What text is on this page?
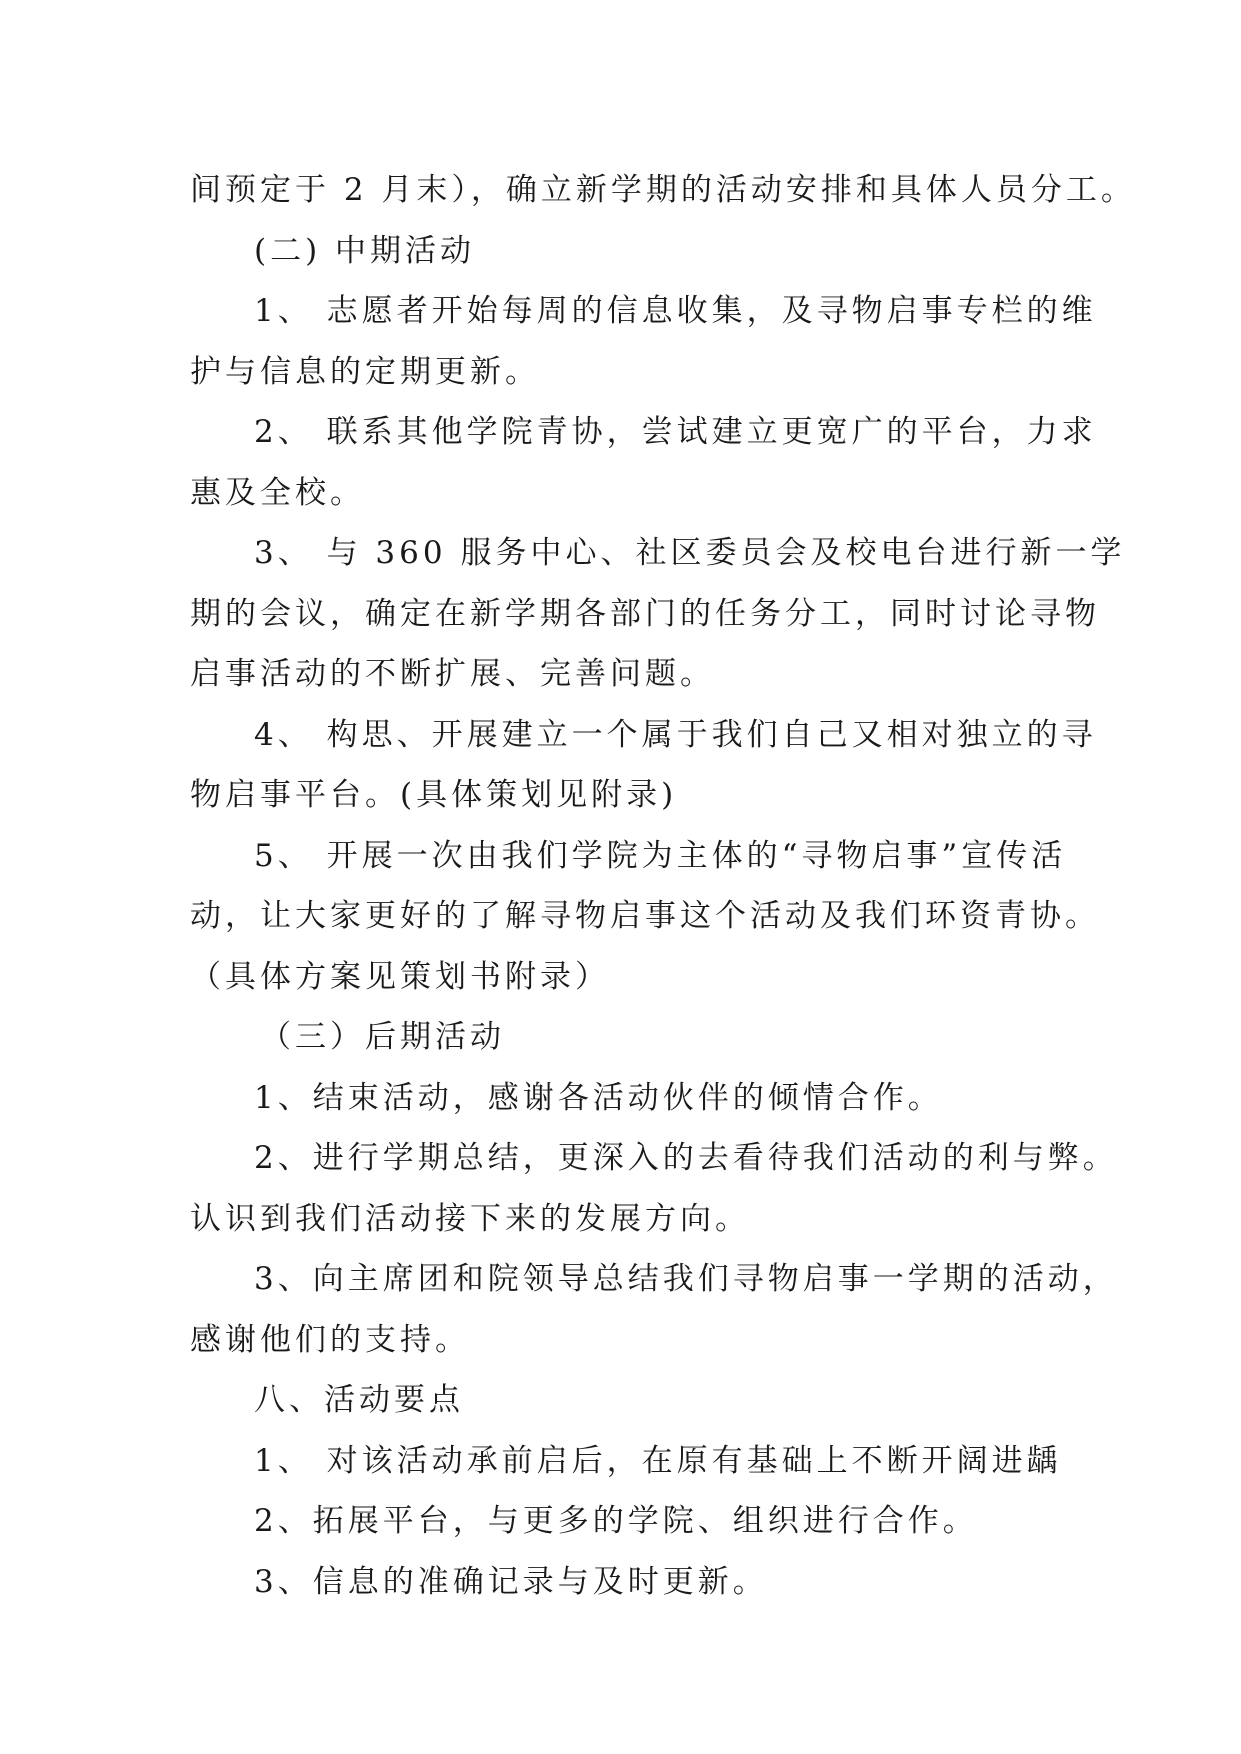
间预定于 2 月末），确立新学期的活动安排和具体人员分工。
(二) 中期活动
1、 志愿者开始每周的信息收集，及寻物启事专栏的维
护与信息的定期更新。
2、 联系其他学院青协，尝试建立更宽广的平台，力求
惠及全校。
3、 与 360 服务中心、社区委员会及校电台进行新一学
期的会议，确定在新学期各部门的任务分工，同时讨论寻物
启事活动的不断扩展、完善问题。
4、 构思、开展建立一个属于我们自己又相对独立的寻
物启事平台。(具体策划见附录)
5、 开展一次由我们学院为主体的“寻物启事”宣传活
动，让大家更好的了解寻物启事这个活动及我们环资青协。
（具体方案见策划书附录）
（三）后期活动
1、结束活动，感谢各活动伙伴的倾情合作。
2、进行学期总结，更深入的去看待我们活动的利与弊。
认识到我们活动接下来的发展方向。
3、向主席团和院领导总结我们寻物启事一学期的活动，
感谢他们的支持。
八、活动要点
1、 对该活动承前启后，在原有基础上不断开阔进龋
2、拓展平台，与更多的学院、组织进行合作。
3、信息的准确记录与及时更新。
